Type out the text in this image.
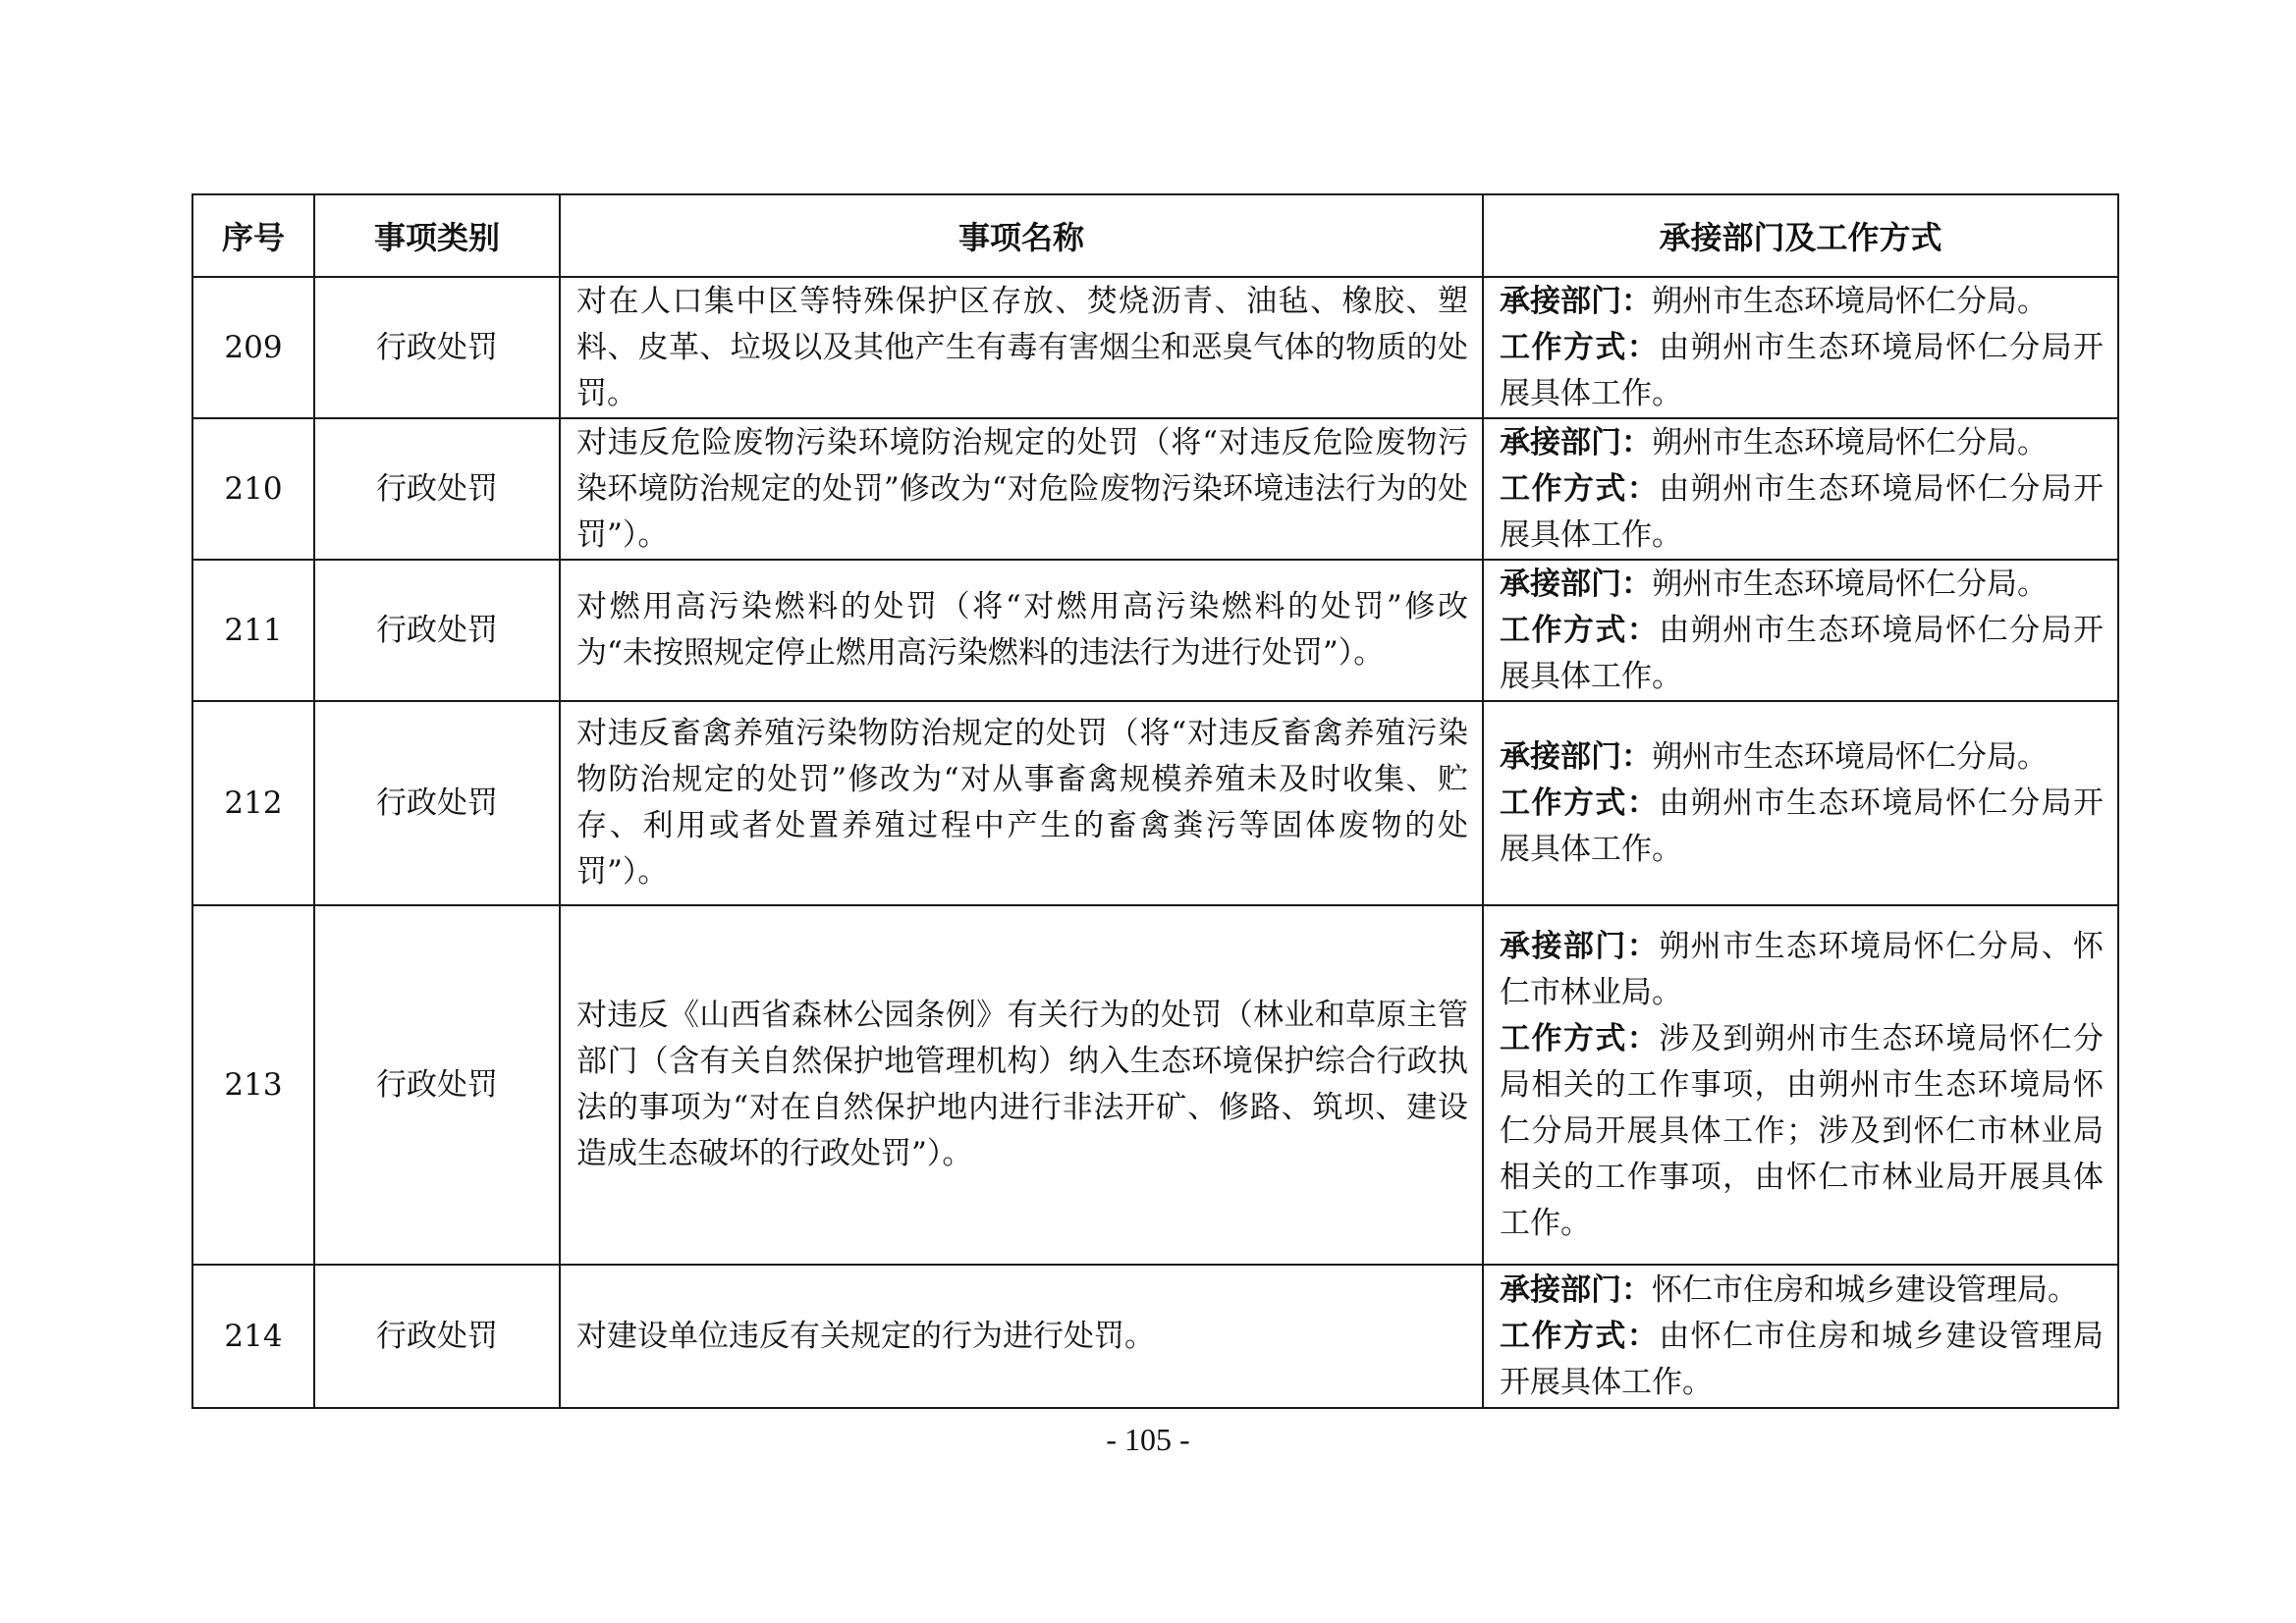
序号	事项类别	事项名称	承接部门及工作方式
209	行政处罚	对在人口集中区等特殊保护区存放、焚烧沥青、油毡、橡胶、塑料、皮革、垃圾以及其他产生有毒有害烟尘和恶臭气体的物质的处罚。	承接部门：朔州市生态环境局怀仁分局。
工作方式：由朔州市生态环境局怀仁分局开展具体工作。

210	行政处罚	对违反危险废物污染环境防治规定的处罚（将“对违反危险废物污染环境防治规定的处罚”修改为“对危险废物污染环境违法行为的处罚”）。	承接部门：朔州市生态环境局怀仁分局。
工作方式：由朔州市生态环境局怀仁分局开展具体工作。

211	行政处罚	对燃用高污染燃料的处罚（将“对燃用高污染燃料的处罚”修改为“未按照规定停止燃用高污染燃料的违法行为进行处罚”）。	承接部门：朔州市生态环境局怀仁分局。
工作方式：由朔州市生态环境局怀仁分局开展具体工作。

212	行政处罚	对违反畜禽养殖污染物防治规定的处罚（将“对违反畜禽养殖污染物防治规定的处罚”修改为“对从事畜禽规模养殖未及时收集、贮存、利用或者处置养殖过程中产生的畜禽粪污等固体废物的处罚”）。	承接部门：朔州市生态环境局怀仁分局。
工作方式：由朔州市生态环境局怀仁分局开展具体工作。

213	行政处罚	对违反《山西省森林公园条例》有关行为的处罚（林业和草原主管部门（含有关自然保护地管理机构）纳入生态环境保护综合行政执法的事项为“对在自然保护地内进行非法开矿、修路、筑坝、建设造成生态破坏的行政处罚”）。	承接部门：朔州市生态环境局怀仁分局、怀仁市林业局。
工作方式：涉及到朔州市生态环境局怀仁分局相关的工作事项，由朔州市生态环境局怀仁分局开展具体工作；涉及到怀仁市林业局相关的工作事项，由怀仁市林业局开展具体工作。

214	行政处罚	对建设单位违反有关规定的行为进行处罚。	承接部门：怀仁市住房和城乡建设管理局。
工作方式：由怀仁市住房和城乡建设管理局开展具体工作。
- 105 -
